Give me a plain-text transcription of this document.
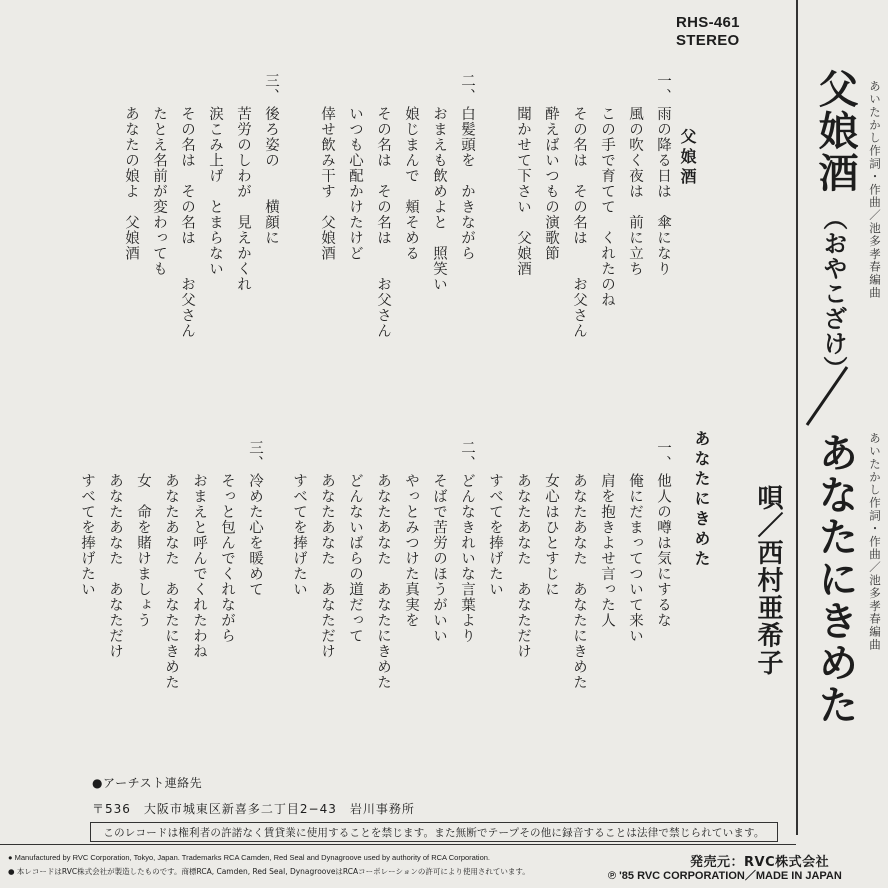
RHS-461
STEREO
父娘酒
（おやこざけ） あいたかし作詞・作曲／池多孝春編曲
あなたにきめた あいたかし作詞・作曲／池多孝春編曲
唄／西村亜希子
父娘酒
一、
雨の降る日は　傘になり
風の吹く夜は　前に立ち
この手で育てて　くれたのね
その名は　その名は　　お父さん
酔えばいつもの演歌節
聞かせて下さい　父娘酒
二、
白髪頭を　かきながら
おまえも飲めよと　照笑い
娘じまんで　頬そめる
その名は　その名は　　お父さん
いつも心配かけたけど
倖せ飲み干す　父娘酒
三、
後ろ姿の　　横顔に
苦労のしわが　見えかくれ
涙こみ上げ　とまらない
その名は　その名は　　お父さん
たとえ名前が変わっても
あなたの娘よ　父娘酒
あなたにきめた
一、
他人の噂は気にするな
俺にだまってついて来い
肩を抱きよせ言った人
あなたあなた　あなたにきめた
女心はひとすじに
あなたあなた　あなただけ
すべてを捧げたい
二、
どんなきれいな言葉より
そばで苦労のほうがいい
やっとみつけた真実を
あなたあなた　あなたにきめた
どんないばらの道だって
あなたあなた　あなただけ
すべてを捧げたい
三、
冷めた心を暖めて
そっと包んでくれながら
おまえと呼んでくれたわね
あなたあなた　あなたにきめた
女　命を賭けましょう
あなたあなた　あなただけ
すべてを捧げたい
●アーチスト連絡先
〒536　大阪市城東区新喜多二丁目2−43　岩川事務所
このレコードは権利者の許諾なく賃貸業に使用することを禁じます。また無断でテープその他に録音することは法律で禁じられています。
● Manufactured by RVC Corporation, Tokyo, Japan. Trademarks RCA Camden, Red Seal and Dynagroove used by authority of RCA Corporation.
● 本レコードはRVC株式会社が製造したものです。商標RCA, Camden, Red Seal, DynagrooveはRCAコーポレーションの許可により使用されています。
発売元：RVC株式会社
℗ '85 RVC CORPORATION／MADE IN JAPAN
